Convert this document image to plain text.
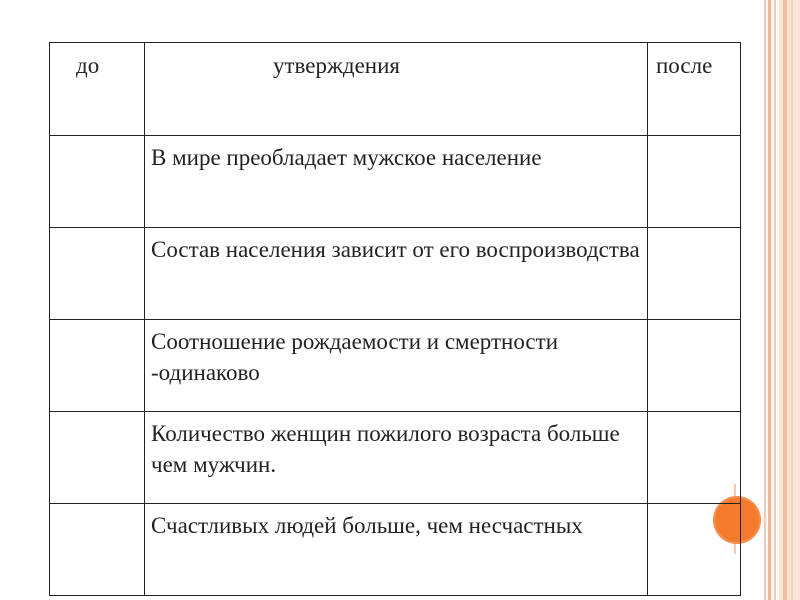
до	утверждения	после
	В мире преобладает мужское население	
	Состав населения зависит от его воспроизводства	
	Соотношение рождаемости и смертности -одинаково	
	Количество женщин пожилого возраста больше чем мужчин.	
	Счастливых людей больше, чем несчастных	
